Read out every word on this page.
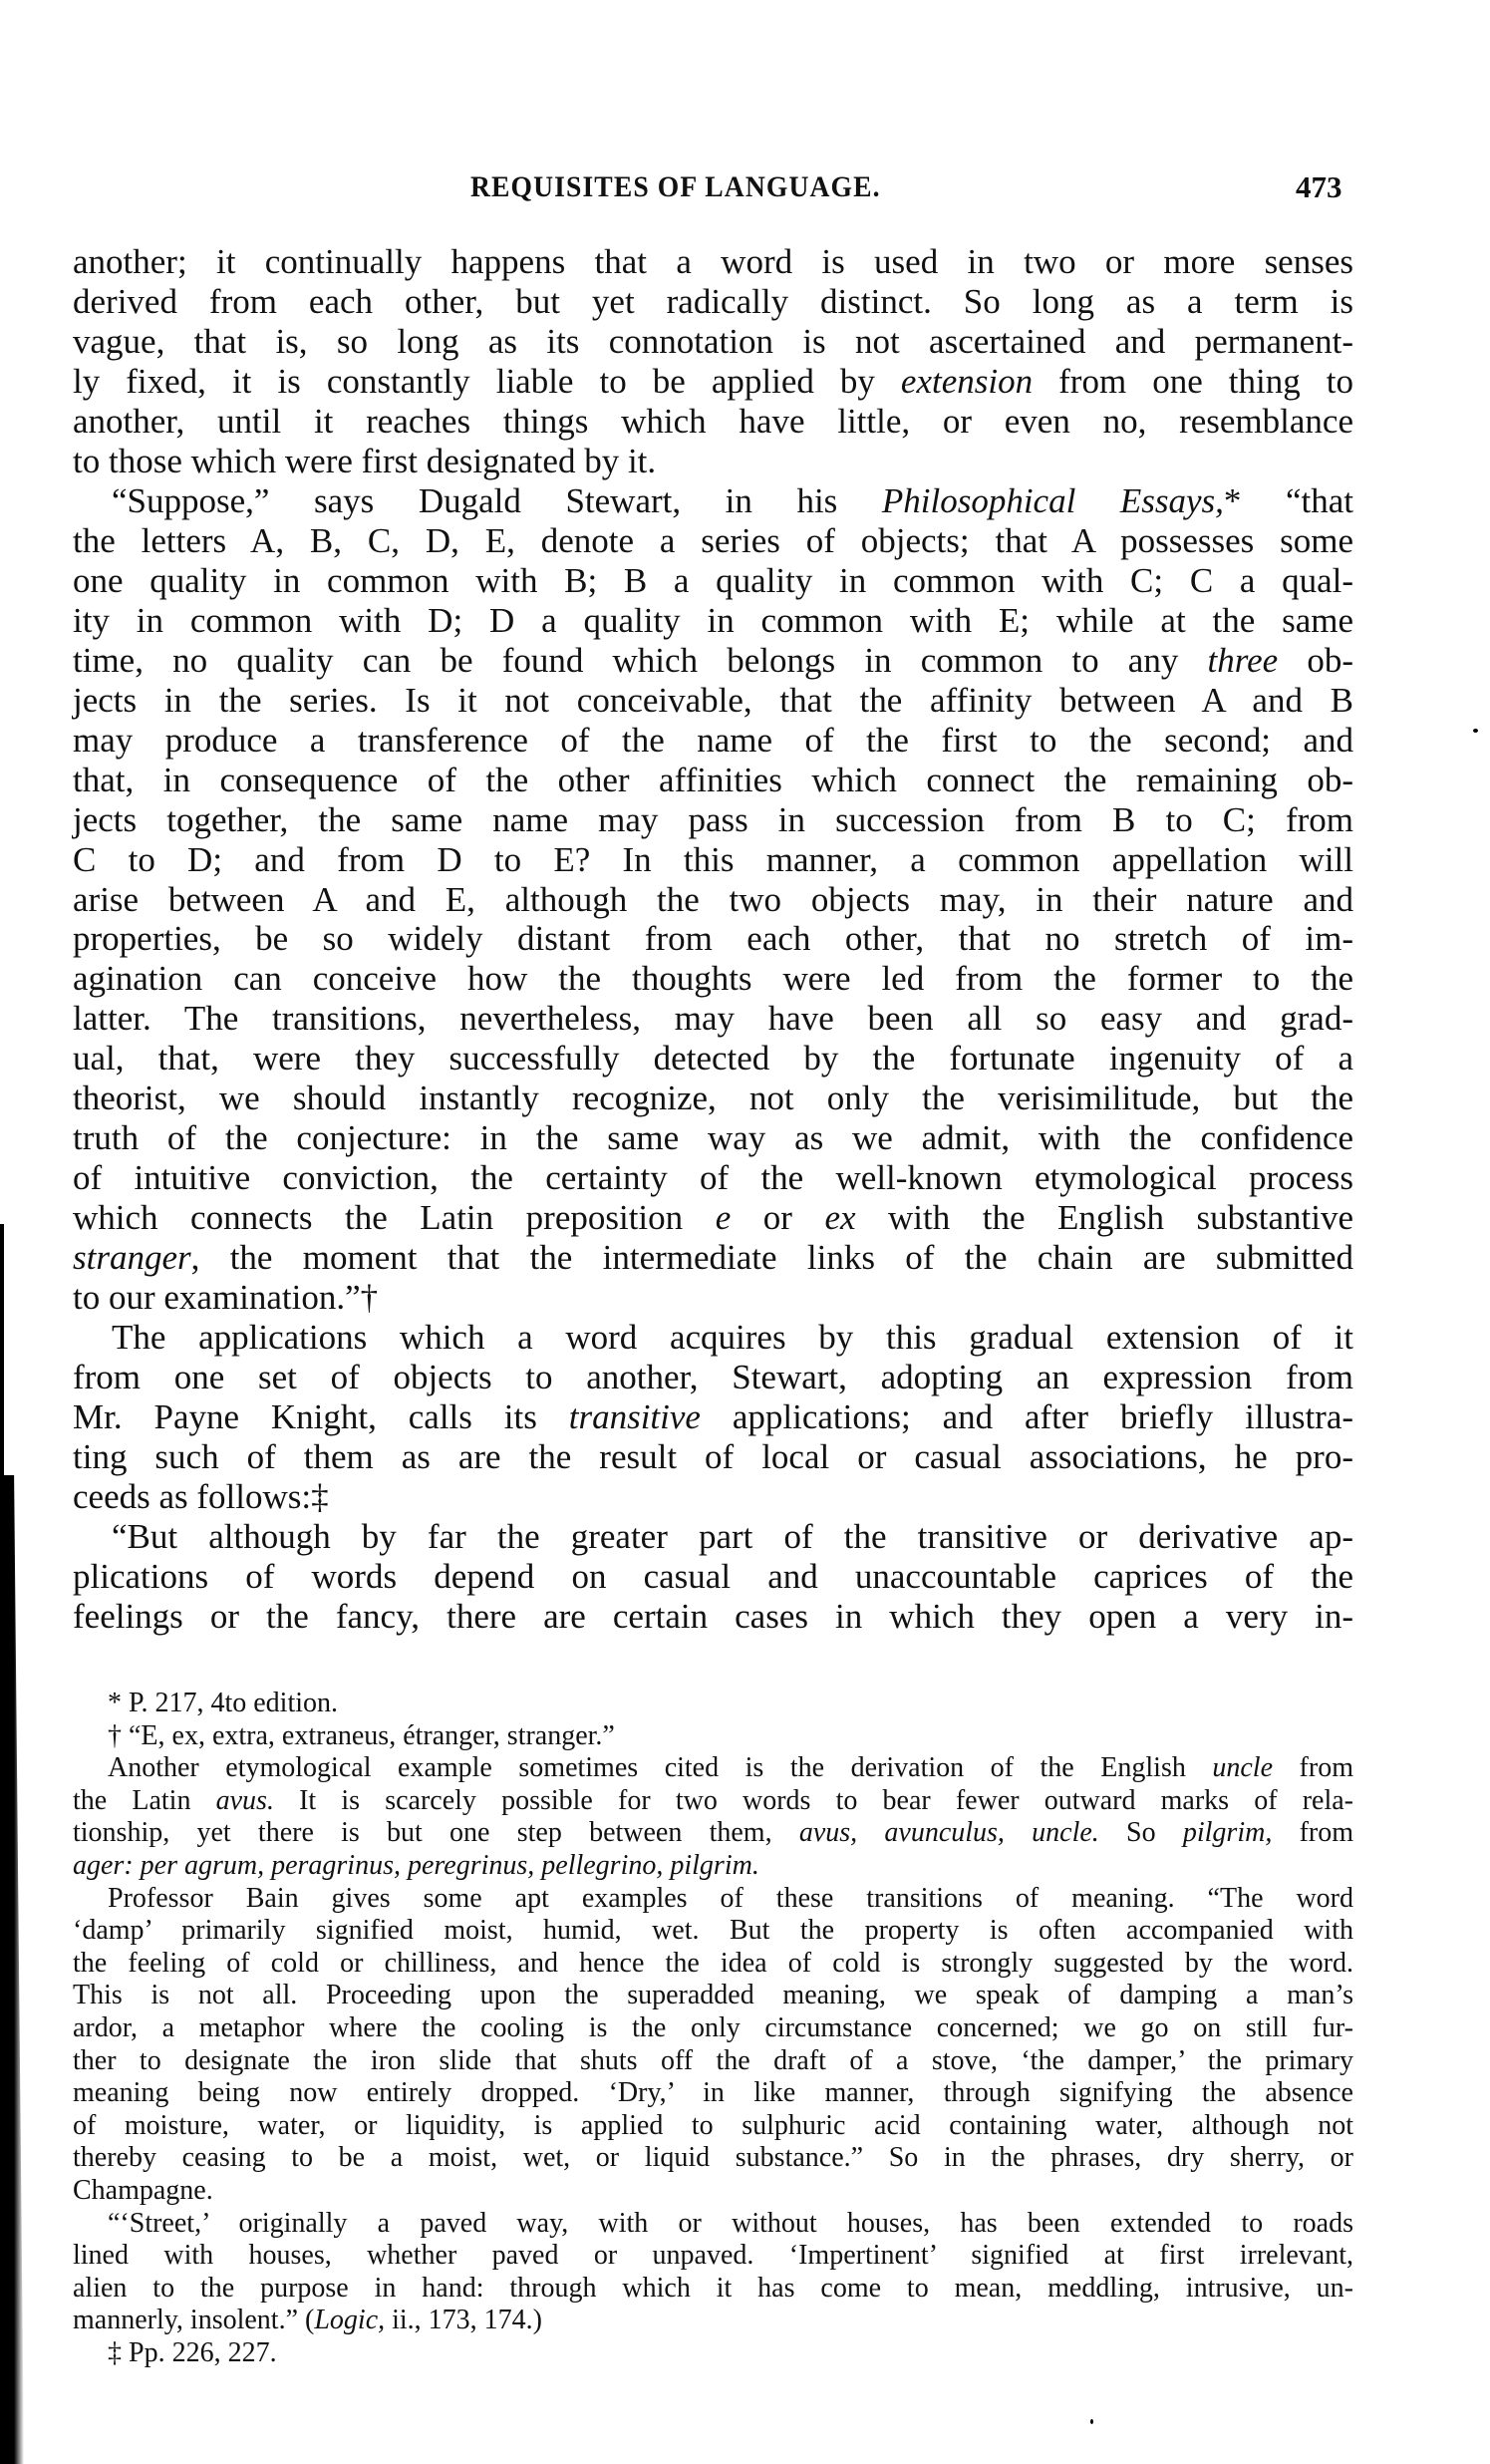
REQUISITES OF LANGUAGE.	473
another; it continually happens that a word is used in two or more senses
derived from each other, but yet radically distinct. So long as a term is
vague, that is, so long as its connotation is not ascertained and permanent-
ly fixed, it is constantly liable to be applied by extension from one thing to
another, until it reaches things which have little, or even no, resemblance
to those which were first designated by it.
“Suppose,” says Dugald Stewart, in his Philosophical Essays,* “that
the letters A, B, C, D, E, denote a series of objects; that A possesses some
one quality in common with B; B a quality in common with C; C a qual-
ity in common with D; D a quality in common with E; while at the same
time, no quality can be found which belongs in common to any three ob-
jects in the series. Is it not conceivable, that the affinity between A and B
may produce a transference of the name of the first to the second; and
that, in consequence of the other affinities which connect the remaining ob-
jects together, the same name may pass in succession from B to C; from
C to D; and from D to E? In this manner, a common appellation will
arise between A and E, although the two objects may, in their nature and
properties, be so widely distant from each other, that no stretch of im-
agination can conceive how the thoughts were led from the former to the
latter. The transitions, nevertheless, may have been all so easy and grad-
ual, that, were they successfully detected by the fortunate ingenuity of a
theorist, we should instantly recognize, not only the verisimilitude, but the
truth of the conjecture: in the same way as we admit, with the confidence
of intuitive conviction, the certainty of the well-known etymological process
which connects the Latin preposition e or ex with the English substantive
stranger, the moment that the intermediate links of the chain are submitted
to our examination.”†
The applications which a word acquires by this gradual extension of it
from one set of objects to another, Stewart, adopting an expression from
Mr. Payne Knight, calls its transitive applications; and after briefly illustra-
ting such of them as are the result of local or casual associations, he pro-
ceeds as follows:‡
“But although by far the greater part of the transitive or derivative ap-
plications of words depend on casual and unaccountable caprices of the
feelings or the fancy, there are certain cases in which they open a very in-
* P. 217, 4to edition.
† “E, ex, extra, extraneus, étranger, stranger.”
Another etymological example sometimes cited is the derivation of the English uncle from
the Latin avus. It is scarcely possible for two words to bear fewer outward marks of rela-
tionship, yet there is but one step between them, avus, avunculus, uncle. So pilgrim, from
ager: per agrum, peragrinus, peregrinus, pellegrino, pilgrim.
Professor Bain gives some apt examples of these transitions of meaning. “The word
‘damp’ primarily signified moist, humid, wet. But the property is often accompanied with
the feeling of cold or chilliness, and hence the idea of cold is strongly suggested by the word.
This is not all. Proceeding upon the superadded meaning, we speak of damping a man’s
ardor, a metaphor where the cooling is the only circumstance concerned; we go on still fur-
ther to designate the iron slide that shuts off the draft of a stove, ‘the damper,’ the primary
meaning being now entirely dropped. ‘Dry,’ in like manner, through signifying the absence
of moisture, water, or liquidity, is applied to sulphuric acid containing water, although not
thereby ceasing to be a moist, wet, or liquid substance.” So in the phrases, dry sherry, or
Champagne.
“‘Street,’ originally a paved way, with or without houses, has been extended to roads
lined with houses, whether paved or unpaved. ‘Impertinent’ signified at first irrelevant,
alien to the purpose in hand: through which it has come to mean, meddling, intrusive, un-
mannerly, insolent.” (Logic, ii., 173, 174.)
‡ Pp. 226, 227.
